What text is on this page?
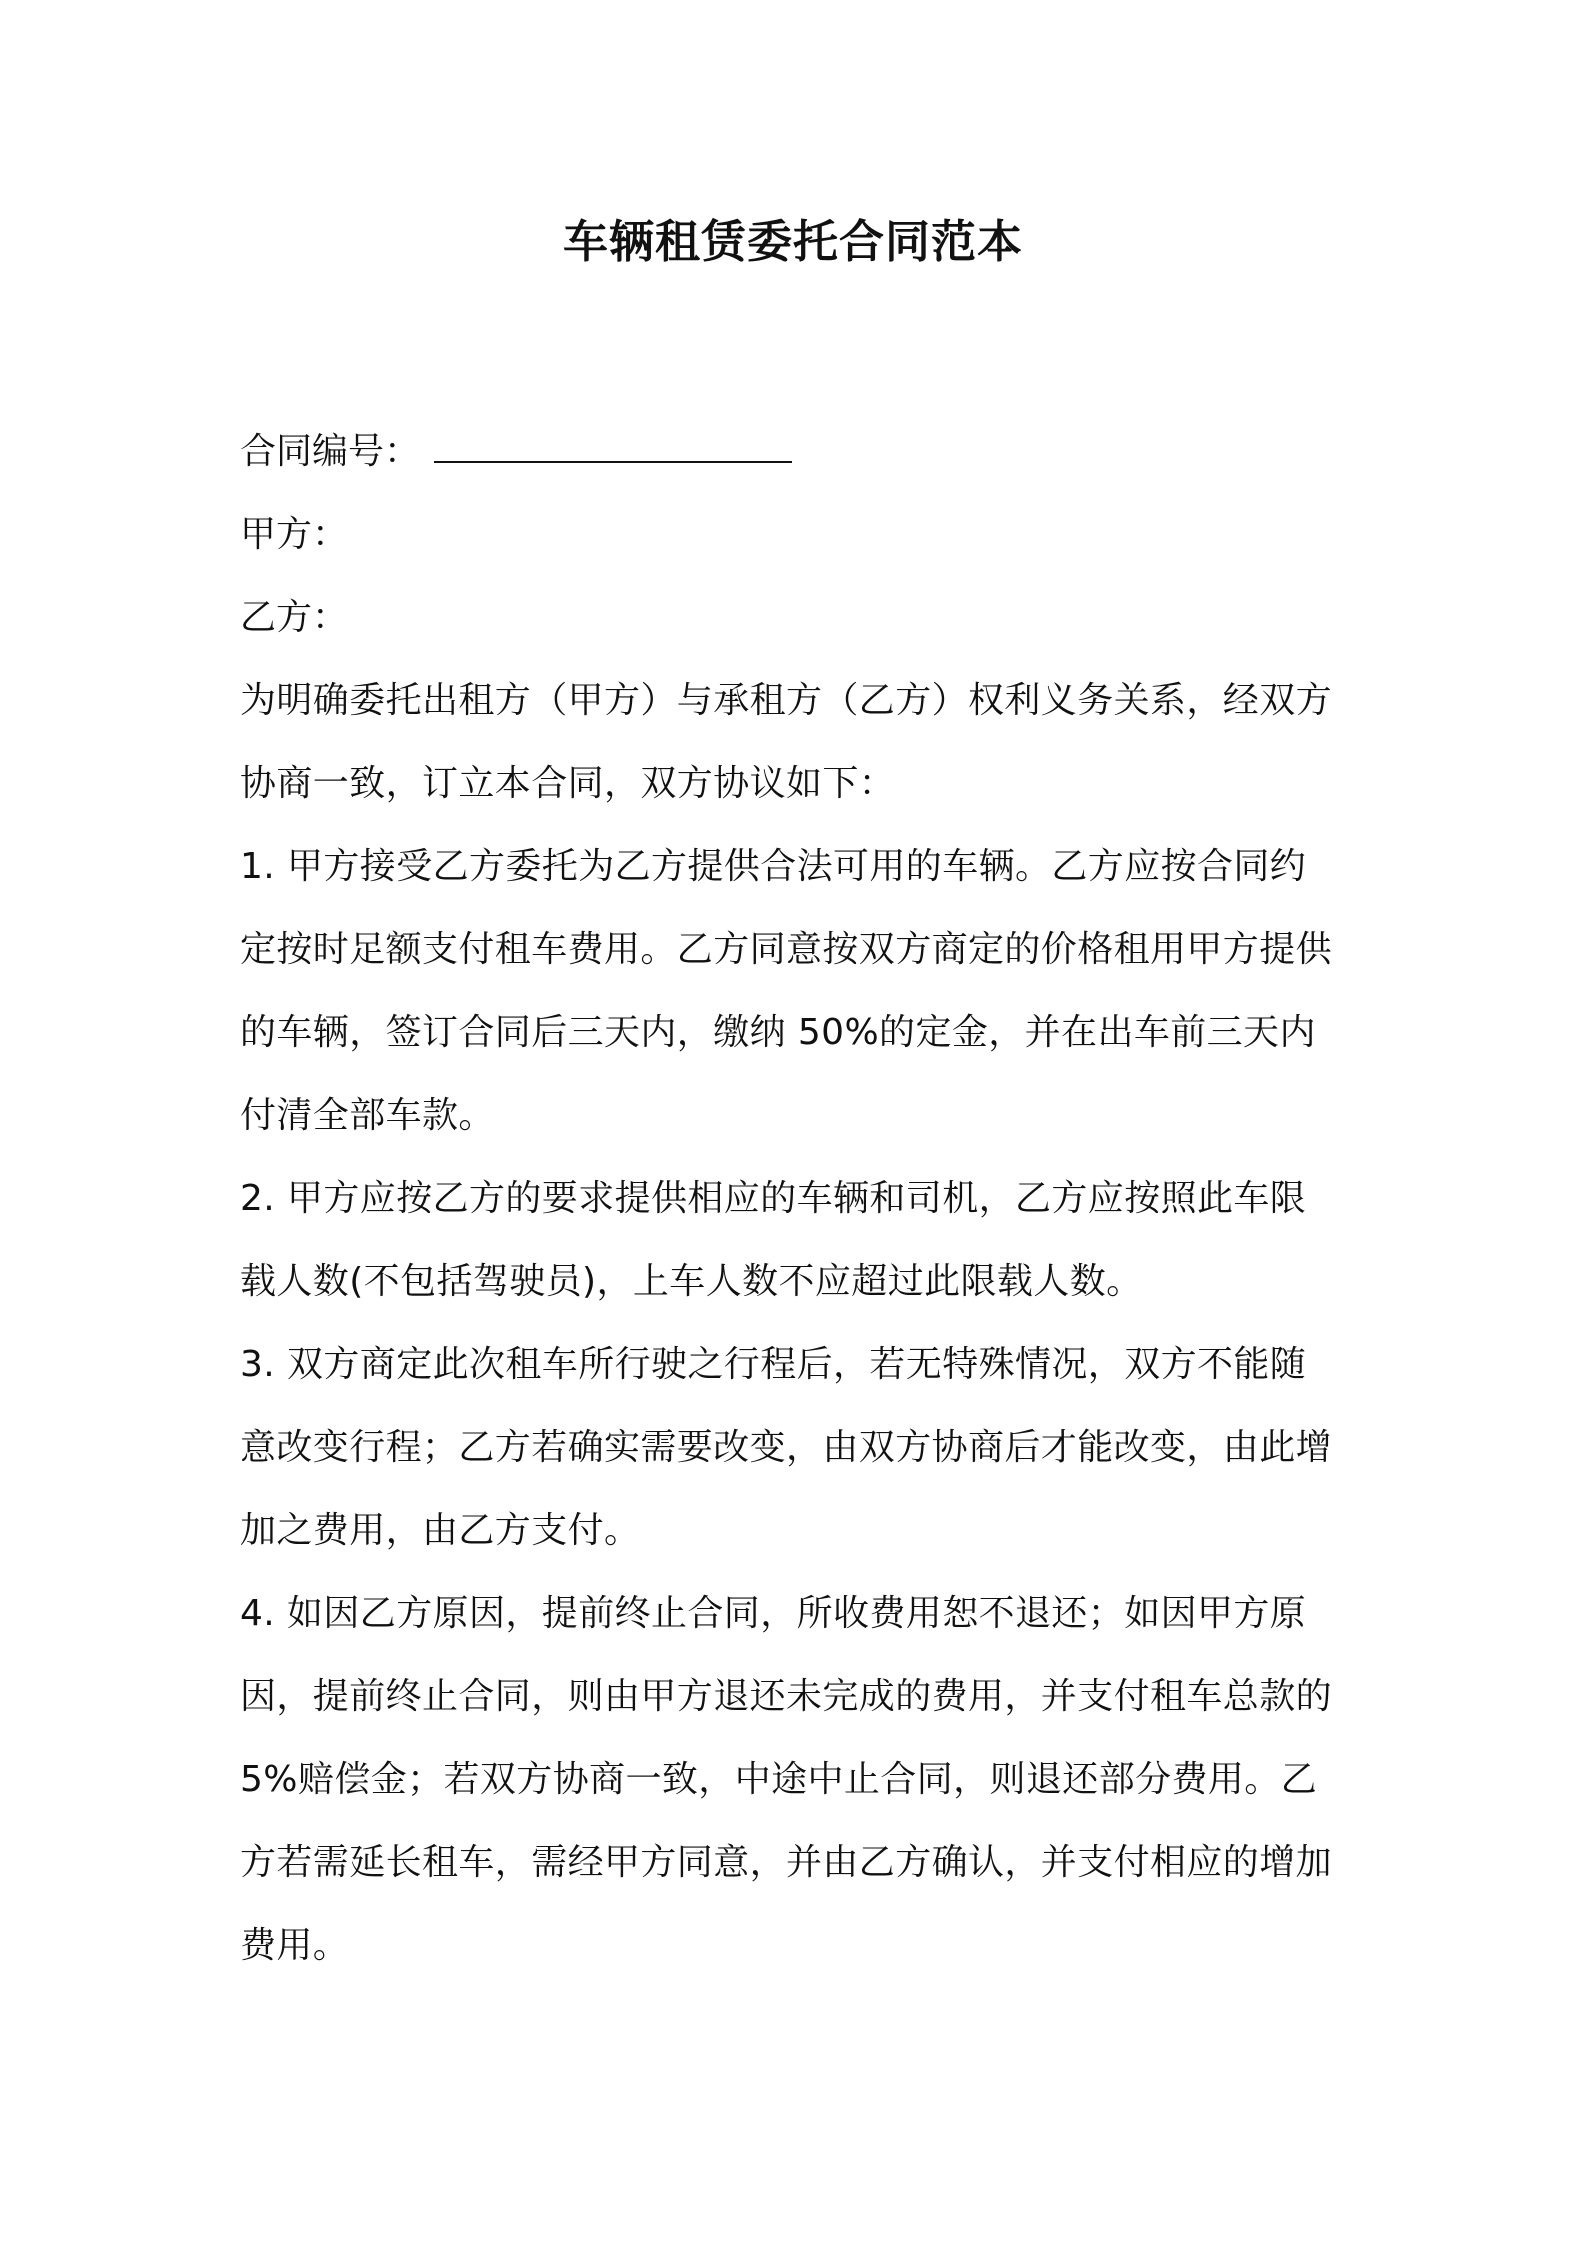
车辆租赁委托合同范本
合同编号：
甲方：
乙方：
为明确委托出租方（甲方）与承租方（乙方）权利义务关系，经双方
协商一致，订立本合同，双方协议如下：
1. 甲方接受乙方委托为乙方提供合法可用的车辆。乙方应按合同约
定按时足额支付租车费用。乙方同意按双方商定的价格租用甲方提供
的车辆，签订合同后三天内，缴纳 50%的定金，并在出车前三天内
付清全部车款。
2. 甲方应按乙方的要求提供相应的车辆和司机，乙方应按照此车限
载人数(不包括驾驶员)，上车人数不应超过此限载人数。
3. 双方商定此次租车所行驶之行程后，若无特殊情况，双方不能随
意改变行程；乙方若确实需要改变，由双方协商后才能改变，由此增
加之费用，由乙方支付。
4. 如因乙方原因，提前终止合同，所收费用恕不退还；如因甲方原
因，提前终止合同，则由甲方退还未完成的费用，并支付租车总款的
5%赔偿金；若双方协商一致，中途中止合同，则退还部分费用。乙
方若需延长租车，需经甲方同意，并由乙方确认，并支付相应的增加
费用。
